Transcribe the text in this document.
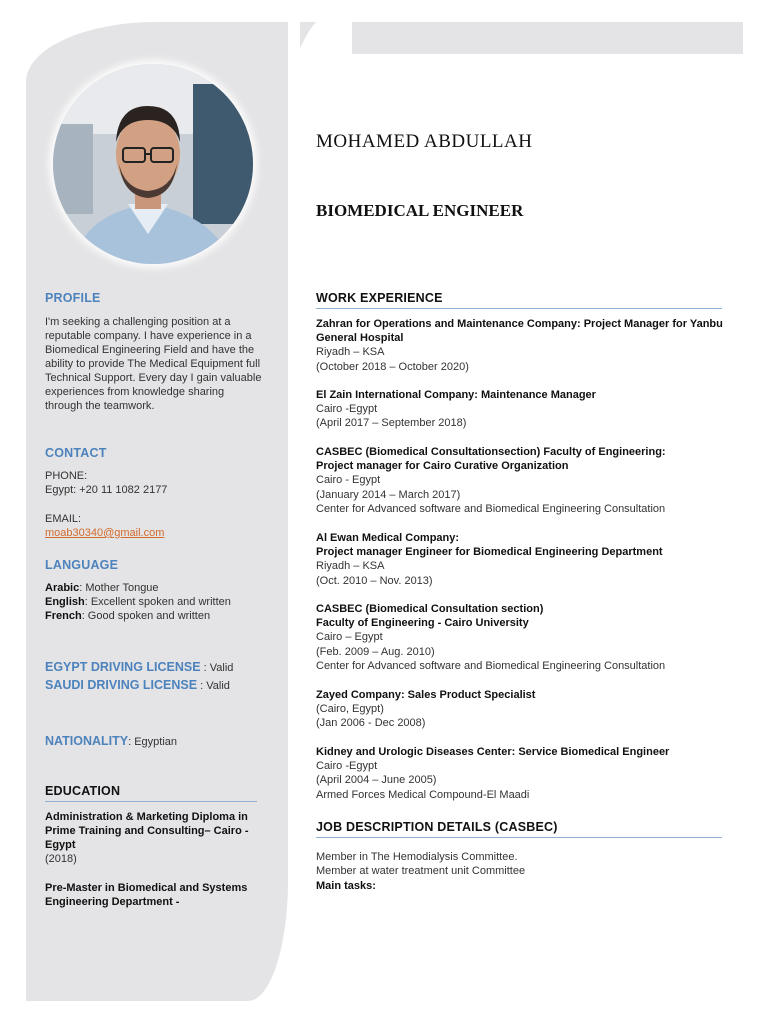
MOHAMED ABDULLAH
BIOMEDICAL ENGINEER
PROFILE
I'm seeking a challenging position at a reputable company. I have experience in a Biomedical Engineering Field and have the ability to provide The Medical Equipment full Technical Support. Every day I gain valuable experiences from knowledge sharing through the teamwork.
CONTACT
PHONE:
Egypt: +20 11 1082 2177
EMAIL:
moab30340@gmail.com
LANGUAGE
Arabic: Mother Tongue
English: Excellent spoken and written
French: Good spoken and written
EGYPT DRIVING LICENSE : Valid
SAUDI DRIVING LICENSE : Valid
NATIONALITY: Egyptian
EDUCATION
Administration & Marketing Diploma in Prime Training and Consulting– Cairo - Egypt
(2018)
Pre-Master in Biomedical and Systems Engineering Department -
WORK EXPERIENCE
Zahran for Operations and Maintenance Company: Project Manager for Yanbu General Hospital
Riyadh – KSA
(October 2018 – October 2020)
El Zain International Company: Maintenance Manager
Cairo -Egypt
(April 2017 – September 2018)
CASBEC (Biomedical Consultationsection) Faculty of Engineering:
Project manager for Cairo Curative Organization
Cairo - Egypt
(January 2014 – March 2017)
Center for Advanced software and Biomedical Engineering Consultation
Al Ewan Medical Company:
Project manager Engineer for Biomedical Engineering Department
Riyadh – KSA
(Oct. 2010 – Nov. 2013)
CASBEC (Biomedical Consultation section)
Faculty of Engineering - Cairo University
Cairo – Egypt
(Feb. 2009 – Aug. 2010)
Center for Advanced software and Biomedical Engineering Consultation
Zayed Company: Sales Product Specialist
(Cairo, Egypt)
(Jan 2006 - Dec 2008)
Kidney and Urologic Diseases Center: Service Biomedical Engineer
Cairo -Egypt
(April 2004 – June 2005)
Armed Forces Medical Compound-El Maadi
JOB DESCRIPTION DETAILS (CASBEC)
Member in The Hemodialysis Committee.
Member at water treatment unit Committee
Main tasks:
